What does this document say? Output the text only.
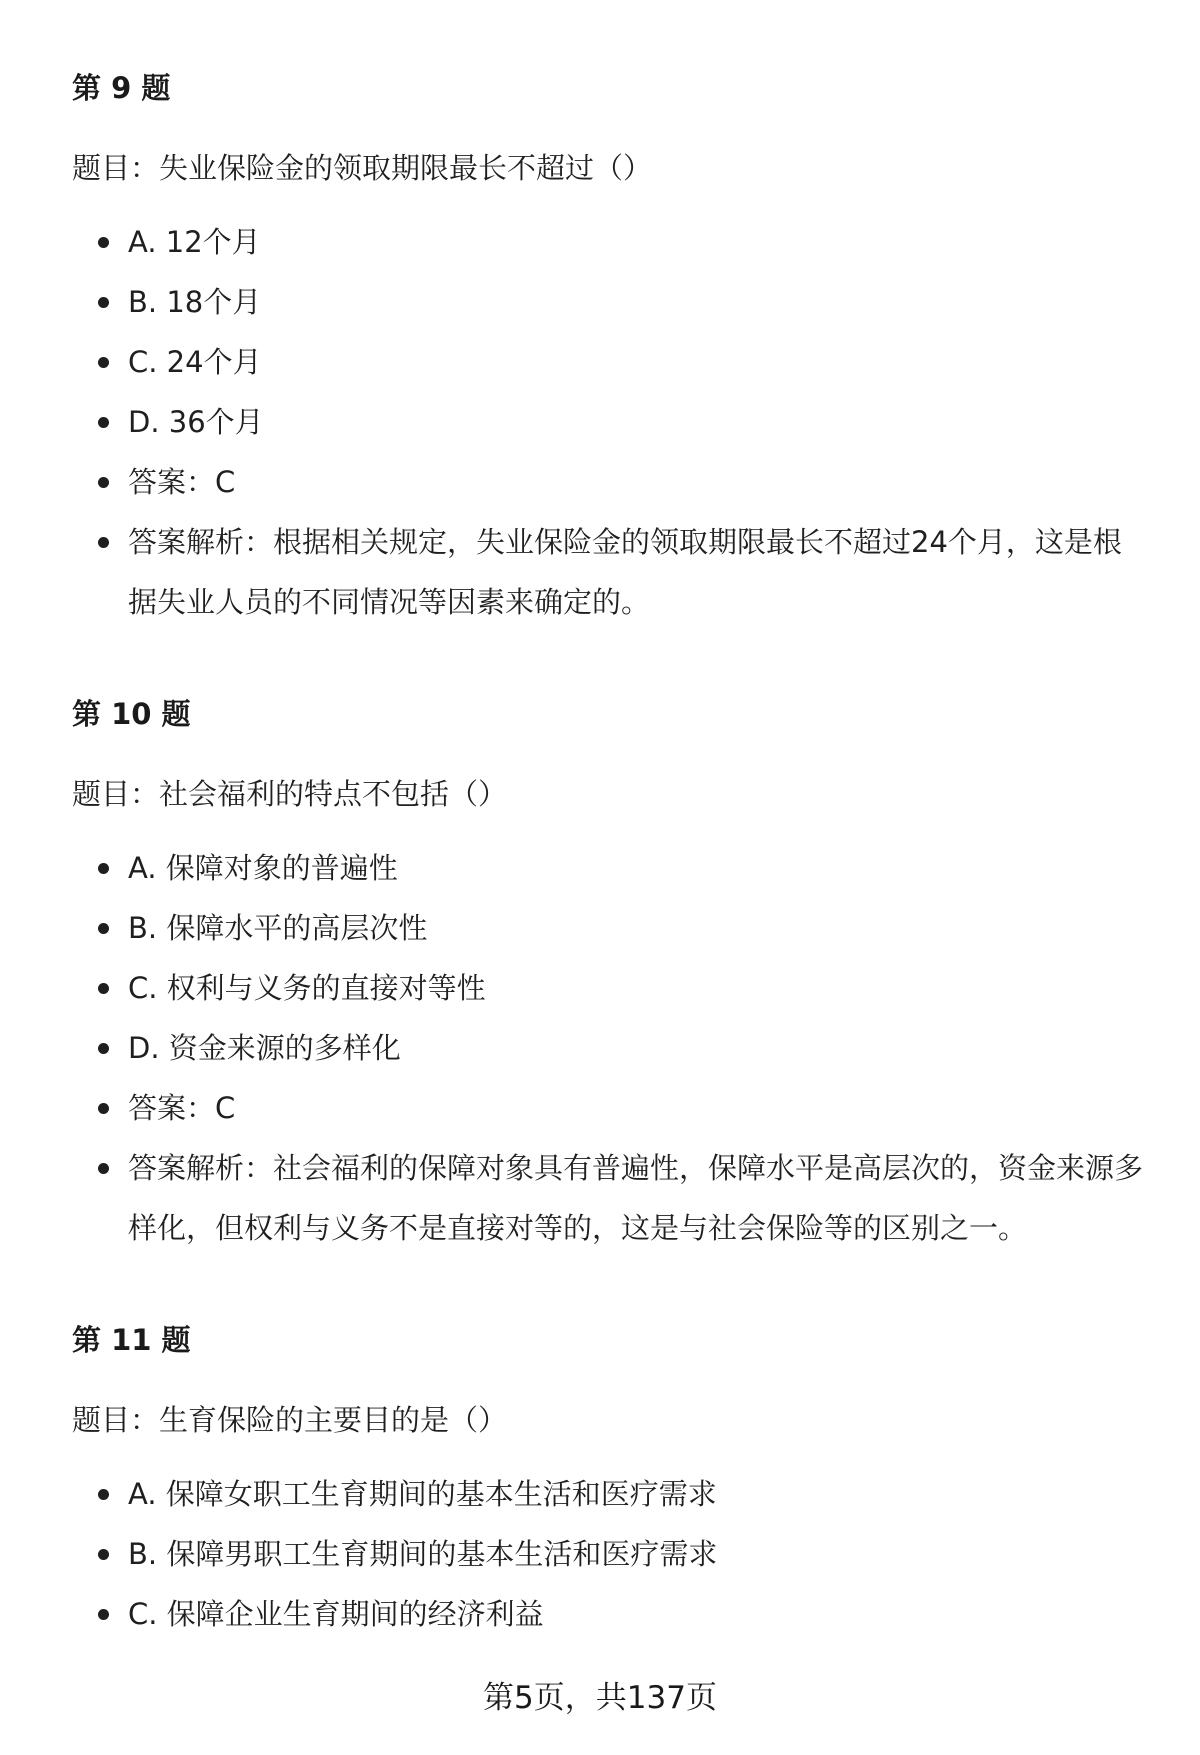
第 9 题

题目：失业保险金的领取期限最长不超过（）

A. 12个月
B. 18个月
C. 24个月
D. 36个月
答案：C
答案解析：根据相关规定，失业保险金的领取期限最长不超过24个月，这是根据失业人员的不同情况等因素来确定的。
第 10 题

题目：社会福利的特点不包括（）

A. 保障对象的普遍性
B. 保障水平的高层次性
C. 权利与义务的直接对等性
D. 资金来源的多样化
答案：C
答案解析：社会福利的保障对象具有普遍性，保障水平是高层次的，资金来源多样化，但权利与义务不是直接对等的，这是与社会保险等的区别之一。
第 11 题

题目：生育保险的主要目的是（）

A. 保障女职工生育期间的基本生活和医疗需求
B. 保障男职工生育期间的基本生活和医疗需求
C. 保障企业生育期间的经济利益
第5页，共137页
